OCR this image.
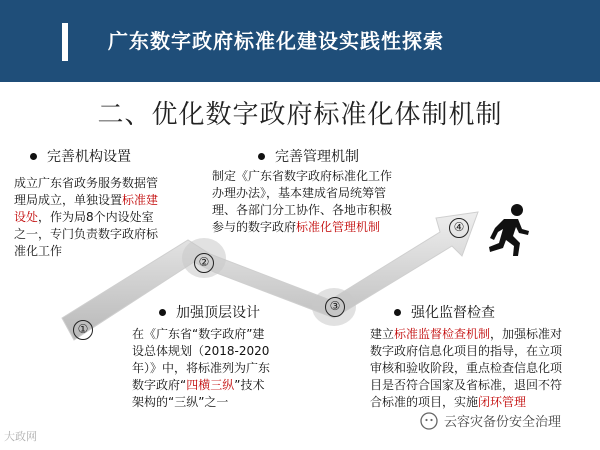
广东数字政府标准化建设实践性探索
二、优化数字政府标准化体制机制
①
②
③
④
完善机构设置
成立广东省政务服务数据管
理局成立，单独设置标准建
设处，作为局8个内设处室
之一，专门负责数字政府标
准化工作
完善管理机制
制定《广东省数字政府标准化工作
办理办法》，基本建成省局统筹管
理、各部门分工协作、各地市积极
参与的数字政府标准化管理机制
加强顶层设计
在《广东省“数字政府”建
设总体规划（2018-2020
年）》中，将标准列为广东
数字政府“四横三纵”技术
架构的“三纵”之一
强化监督检查
建立标准监督检查机制，加强标准对
数字政府信息化项目的指导，在立项
审核和验收阶段，重点检查信息化项
目是否符合国家及省标准，退回不符
合标准的项目，实施闭环管理
大政网
云容灾备份安全治理
